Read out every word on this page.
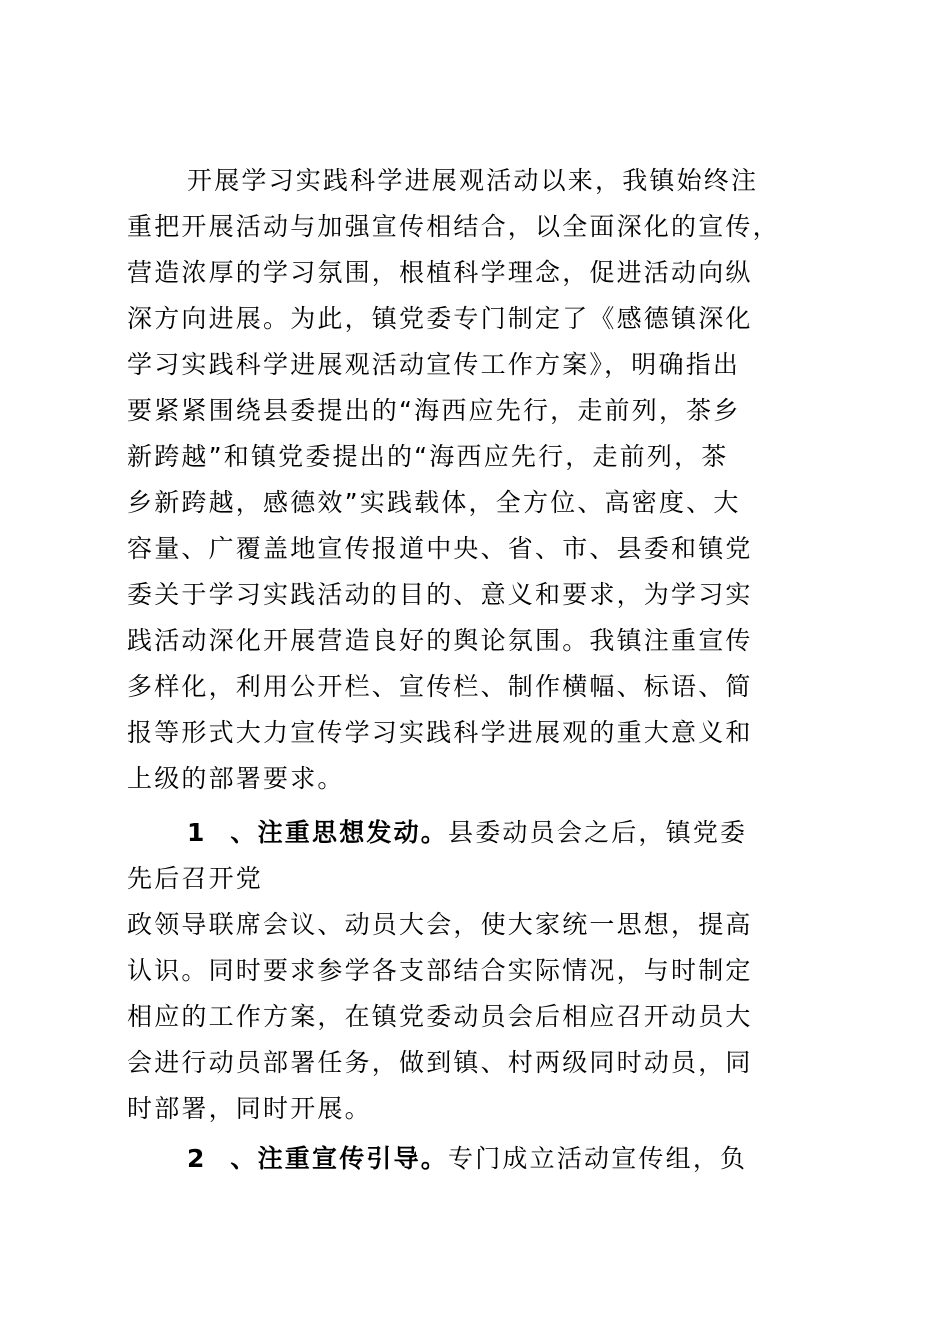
开展学习实践科学进展观活动以来，我镇始终注
重把开展活动与加强宣传相结合，以全面深化的宣传，
营造浓厚的学习氛围，根植科学理念，促进活动向纵
深方向进展。为此，镇党委专门制定了《感德镇深化
学习实践科学进展观活动宣传工作方案》，明确指出
要紧紧围绕县委提出的“海西应先行，走前列，茶乡
新跨越”和镇党委提出的“海西应先行，走前列，茶
乡新跨越，感德效”实践载体，全方位、高密度、大
容量、广覆盖地宣传报道中央、省、市、县委和镇党
委关于学习实践活动的目的、意义和要求，为学习实
践活动深化开展营造良好的舆论氛围。我镇注重宣传
多样化，利用公开栏、宣传栏、制作横幅、标语、简
报等形式大力宣传学习实践科学进展观的重大意义和
上级的部署要求。
1 、注重思想发动。县委动员会之后，镇党委
先后召开党
政领导联席会议、动员大会，使大家统一思想，提高
认识。同时要求参学各支部结合实际情况，与时制定
相应的工作方案，在镇党委动员会后相应召开动员大
会进行动员部署任务，做到镇、村两级同时动员，同
时部署，同时开展。
2 、注重宣传引导。专门成立活动宣传组，负
